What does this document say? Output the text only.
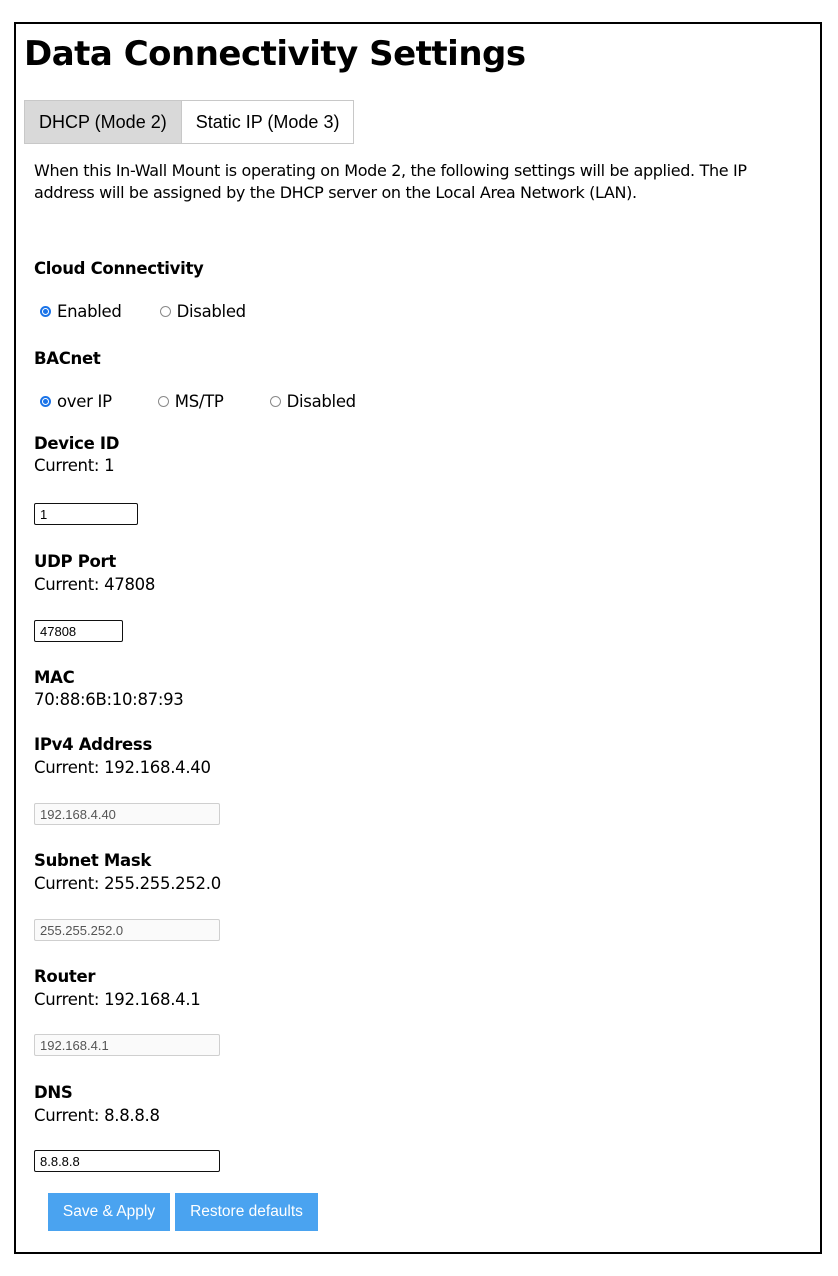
Data Connectivity Settings
DHCP (Mode 2)	Static IP (Mode 3)

When this In-Wall Mount is operating on Mode 2, the following settings will be applied. The IP address will be assigned by the DHCP server on the Local Area Network (LAN).

Cloud Connectivity
Enabled	Disabled
BACnet
over IP	MS/TP	Disabled
Device ID
Current: 1
1
UDP Port
Current: 47808
47808
MAC
70:88:6B:10:87:93
IPv4 Address
Current: 192.168.4.40
192.168.4.40
Subnet Mask
Current: 255.255.252.0
255.255.252.0
Router
Current: 192.168.4.1
192.168.4.1
DNS
Current: 8.8.8.8
8.8.8.8
Save & Apply	Restore defaults
